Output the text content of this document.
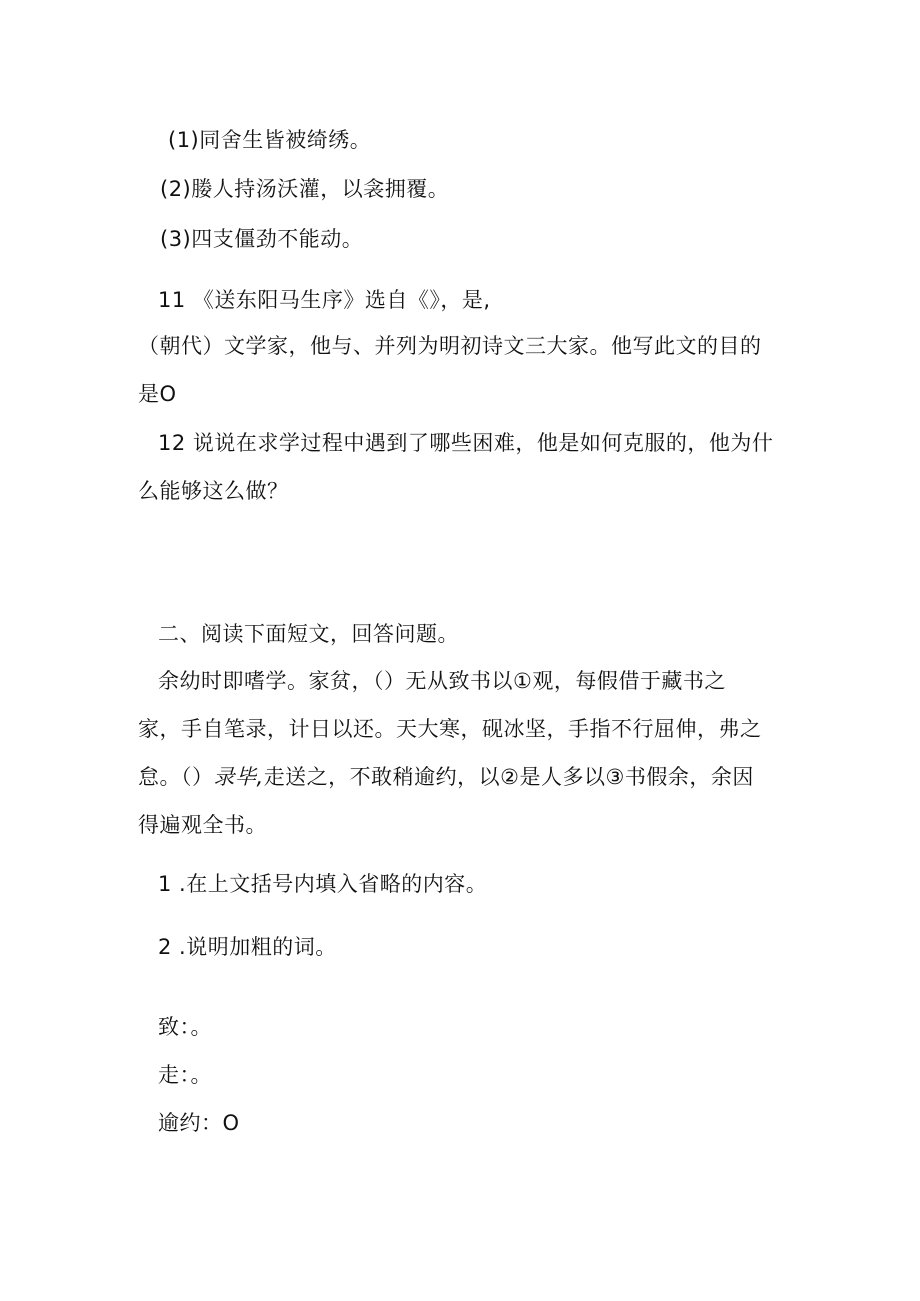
(1)同舍生皆被绮绣。
(2)媵人持汤沃灌，以衾拥覆。
(3)四支僵劲不能动。
11 《送东阳马生序》选自《》，是,
（朝代）文学家，他与、并列为明初诗文三大家。他写此文的目的
是O
12 说说在求学过程中遇到了哪些困难，他是如何克服的，他为什
么能够这么做？
二、阅读下面短文，回答问题。
余幼时即嗜学。家贫，（）无从致书以①观，每假借于藏书之
家，手自笔录，计日以还。天大寒，砚冰坚，手指不行屈伸，弗之
怠。（）录毕,走送之，不敢稍逾约，以②是人多以③书假余，余因
得遍观全书。
1 .在上文括号内填入省略的内容。
2 .说明加粗的词。
致：。
走：。
逾约：O
